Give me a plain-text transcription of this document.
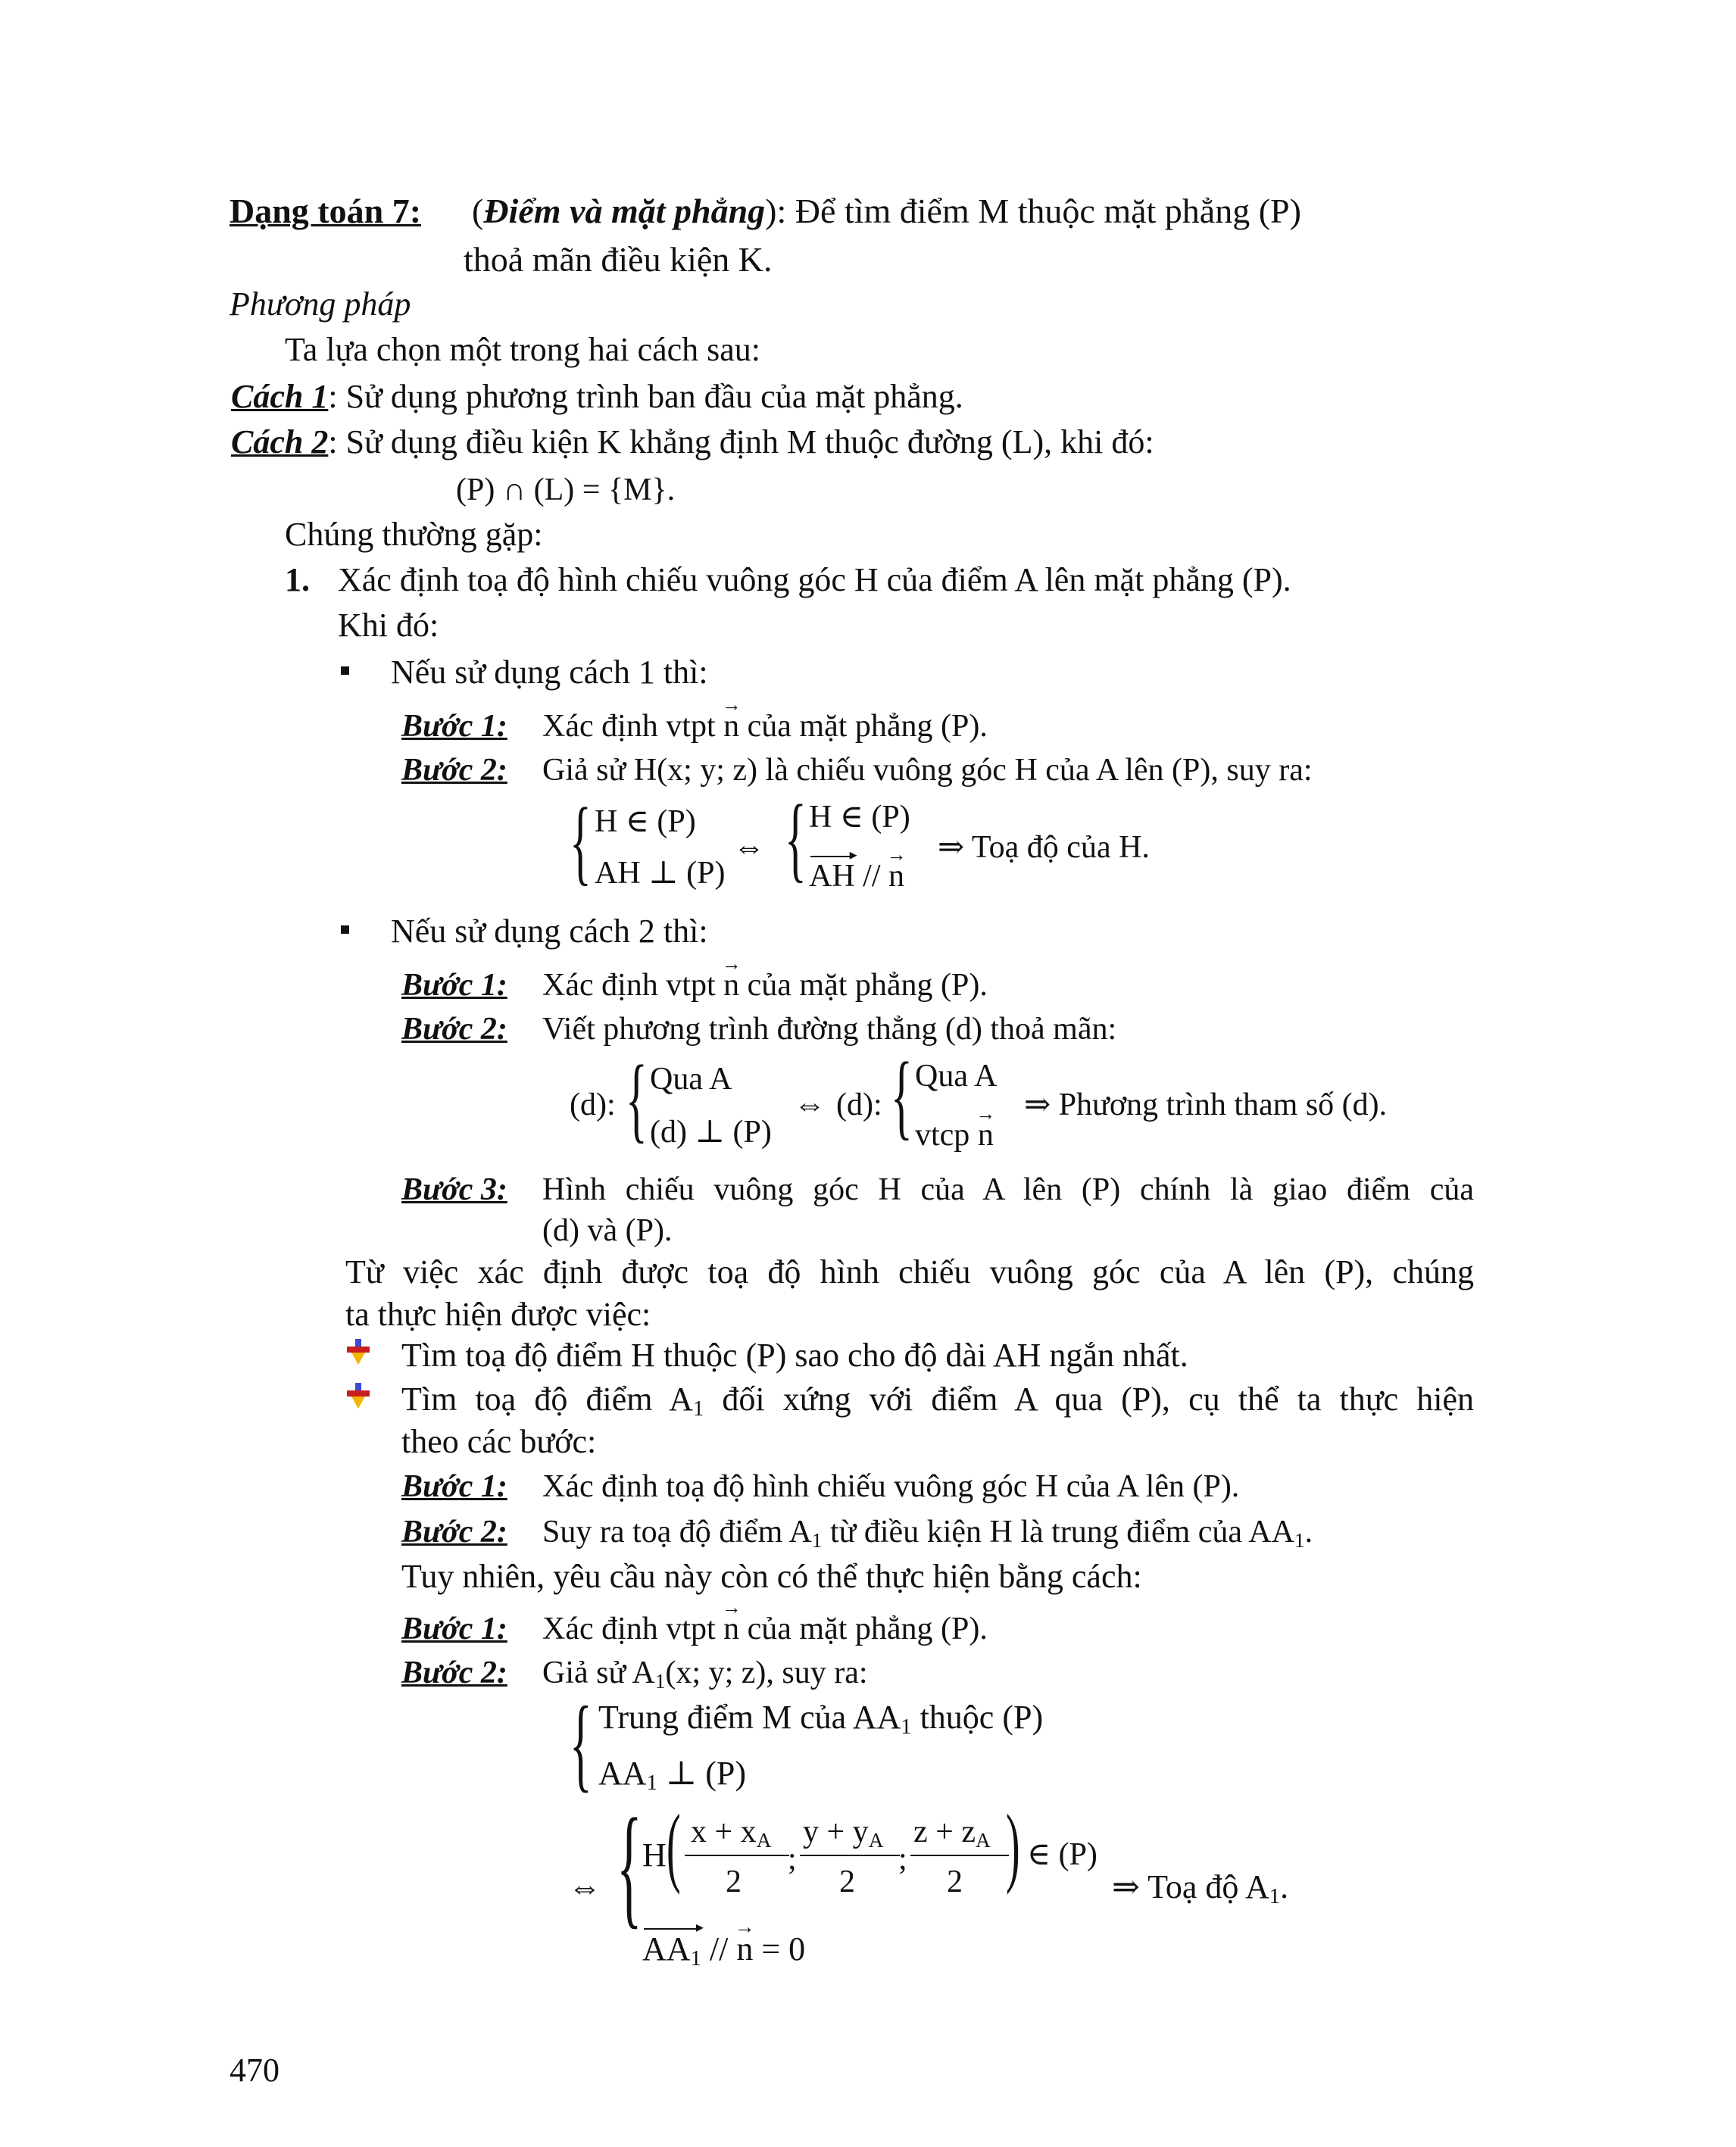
Dạng toán 7: (Điểm và mặt phẳng): Để tìm điểm M thuộc mặt phẳng (P)
thoả mãn điều kiện K.
Phương pháp
Ta lựa chọn một trong hai cách sau:
Cách 1: Sử dụng phương trình ban đầu của mặt phẳng.
Cách 2: Sử dụng điều kiện K khẳng định M thuộc đường (L), khi đó:
(P) ∩ (L) = {M}.
Chúng thường gặp:
1. Xác định toạ độ hình chiếu vuông góc H của điểm A lên mặt phẳng (P).
Khi đó:
Nếu sử dụng cách 1 thì:
Bước 1: Xác định vtpt → n của mặt phẳng (P).
Bước 2: Giả sử H(x; y; z) là chiếu vuông góc H của A lên (P), suy ra:
{ H ∈ (P)
AH ⊥ (P)
⇔ { H ∈ (P)
AH ▸ // → n
⇒ Toạ độ của H.
Nếu sử dụng cách 2 thì:
Bước 1: Xác định vtpt → n của mặt phẳng (P).
Bước 2: Viết phương trình đường thẳng (d) thoả mãn:
(d): { Qua A
(d) ⊥ (P)
⇔ (d): { Qua A
vtcp → n
⇒ Phương trình tham số (d).
Bước 3: Hình chiếu vuông góc H của A lên (P) chính là giao điểm của
(d) và (P).
Từ việc xác định được toạ độ hình chiếu vuông góc của A lên (P), chúng
ta thực hiện được việc:
Tìm toạ độ điểm H thuộc (P) sao cho độ dài AH ngắn nhất.
Tìm toạ độ điểm $A_1$ đối xứng với điểm A qua (P), cụ thể ta thực hiện
theo các bước:
Bước 1: Xác định toạ độ hình chiếu vuông góc H của A lên (P).
Bước 2: Suy ra toạ độ điểm $A_1$ từ điều kiện H là trung điểm của $AA_1$.
Tuy nhiên, yêu cầu này còn có thể thực hiện bằng cách:
Bước 1: Xác định vtpt → n của mặt phẳng (P).
Bước 2: Giả sử $A_1(x$; y; z), suy ra:
{ Trung điểm M của $AA_1$ thuộc (P)
$AA_1$ ⊥ (P)
⇔ { H ( $x + x_A$
2
;
$y + y_A$
2
;
$z + z_A$
2 ) ∈ (P)
$AA_1$ ▸ // → n = 0
⇒ Toạ độ $A_1$.
470
